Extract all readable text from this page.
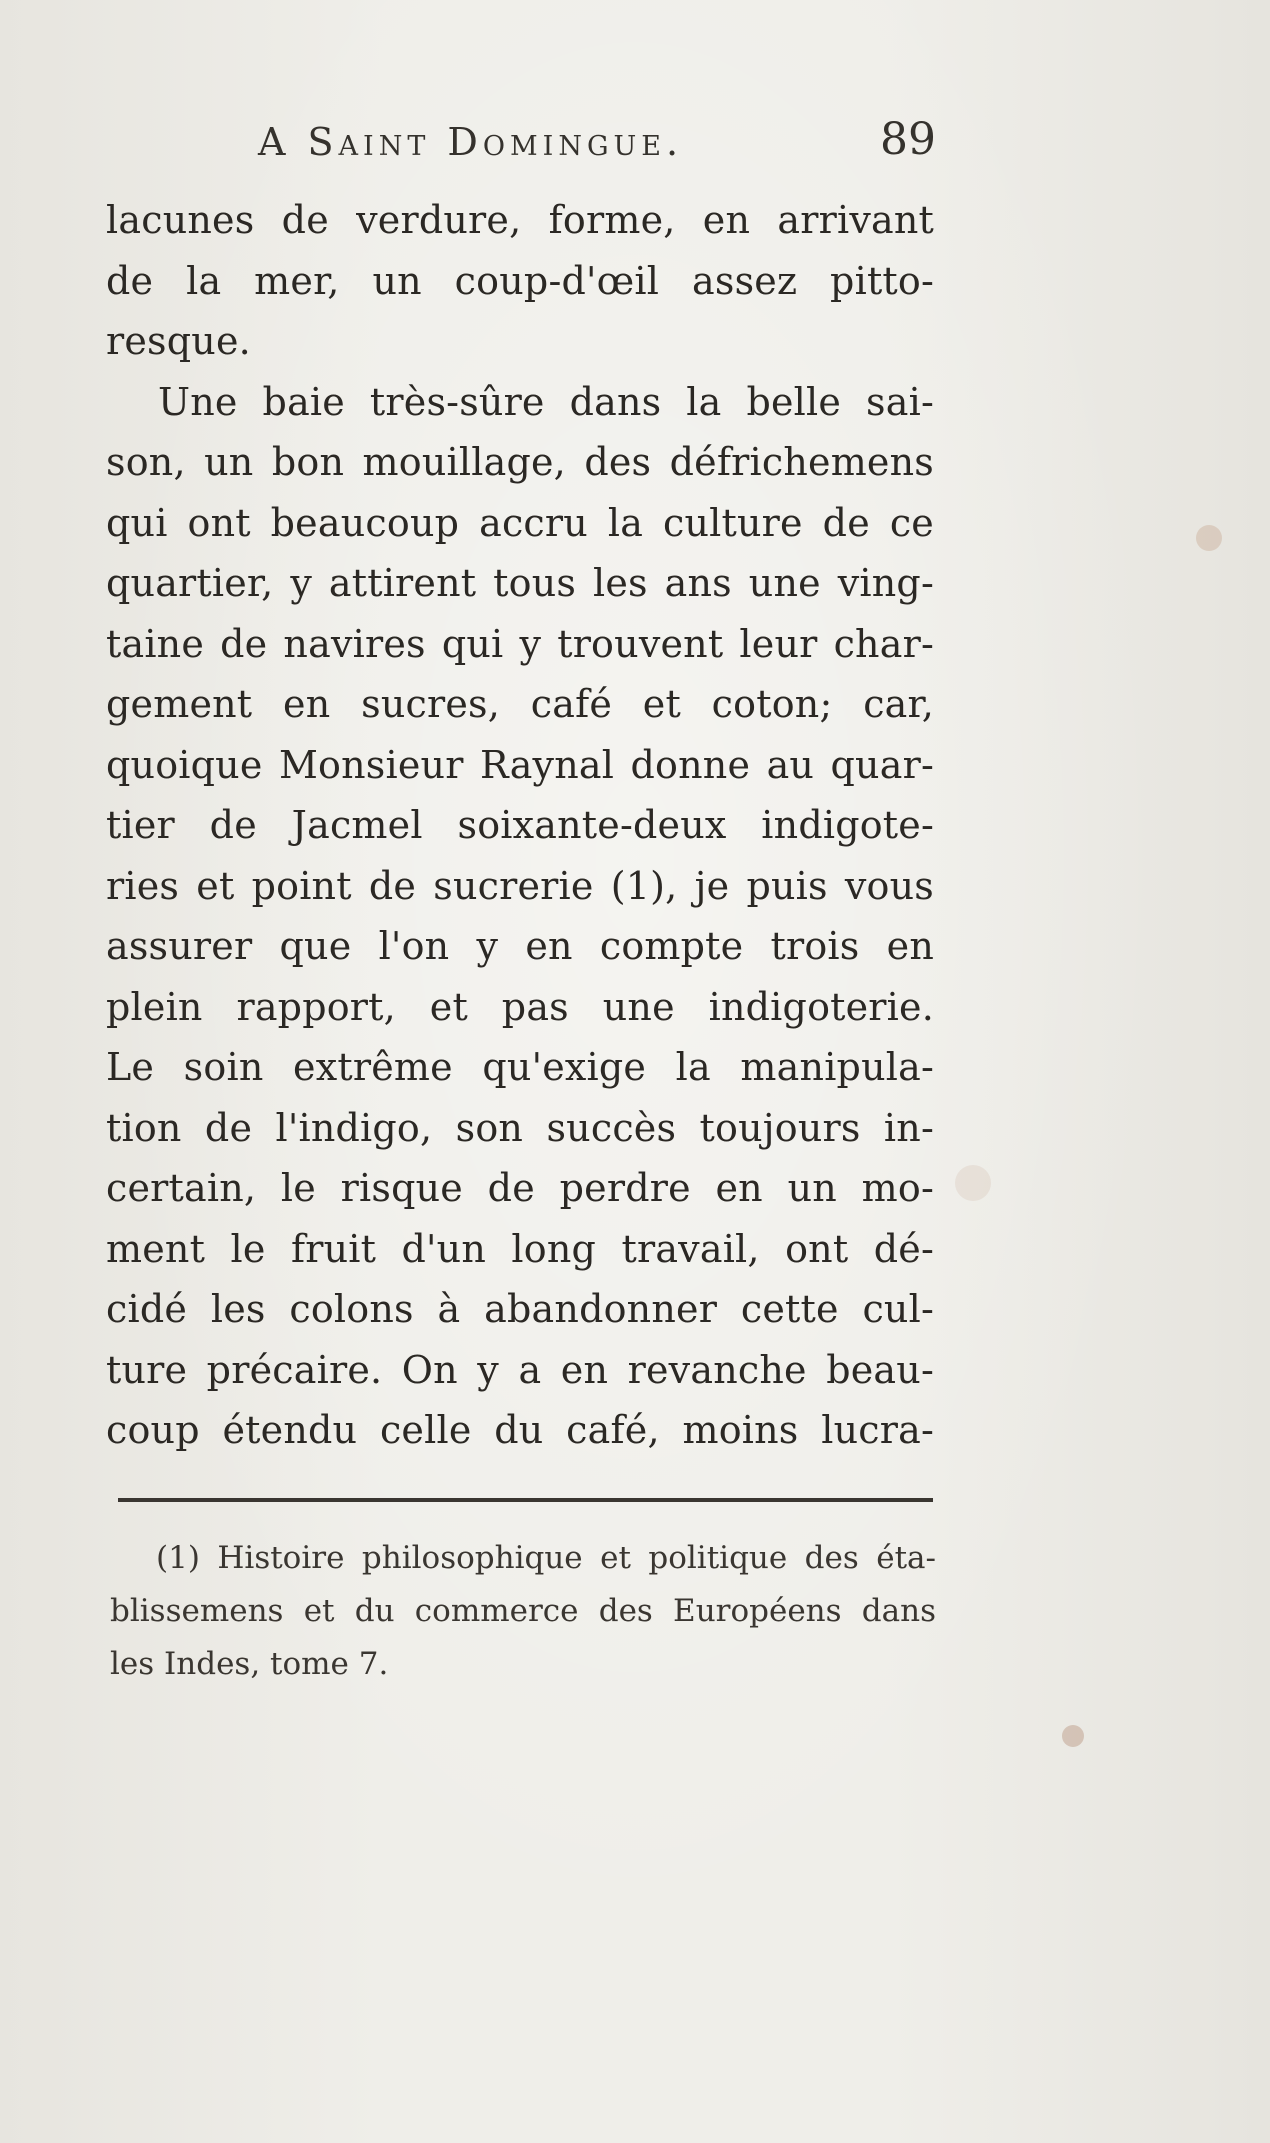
A Saint Domingue.	89
lacunes de verdure, forme, en arrivant
de la mer, un coup-d'œil assez pitto-
resque.
Une baie très-sûre dans la belle sai-
son, un bon mouillage, des défrichemens
qui ont beaucoup accru la culture de ce
quartier, y attirent tous les ans une ving-
taine de navires qui y trouvent leur char-
gement en sucres, café et coton; car,
quoique Monsieur Raynal donne au quar-
tier de Jacmel soixante-deux indigote-
ries et point de sucrerie (1), je puis vous
assurer que l'on y en compte trois en
plein rapport, et pas une indigoterie.
Le soin extrême qu'exige la manipula-
tion de l'indigo, son succès toujours in-
certain, le risque de perdre en un mo-
ment le fruit d'un long travail, ont dé-
cidé les colons à abandonner cette cul-
ture précaire. On y a en revanche beau-
coup étendu celle du café, moins lucra-
(1) Histoire philosophique et politique des éta-
blissemens et du commerce des Européens dans
les Indes, tome 7.
